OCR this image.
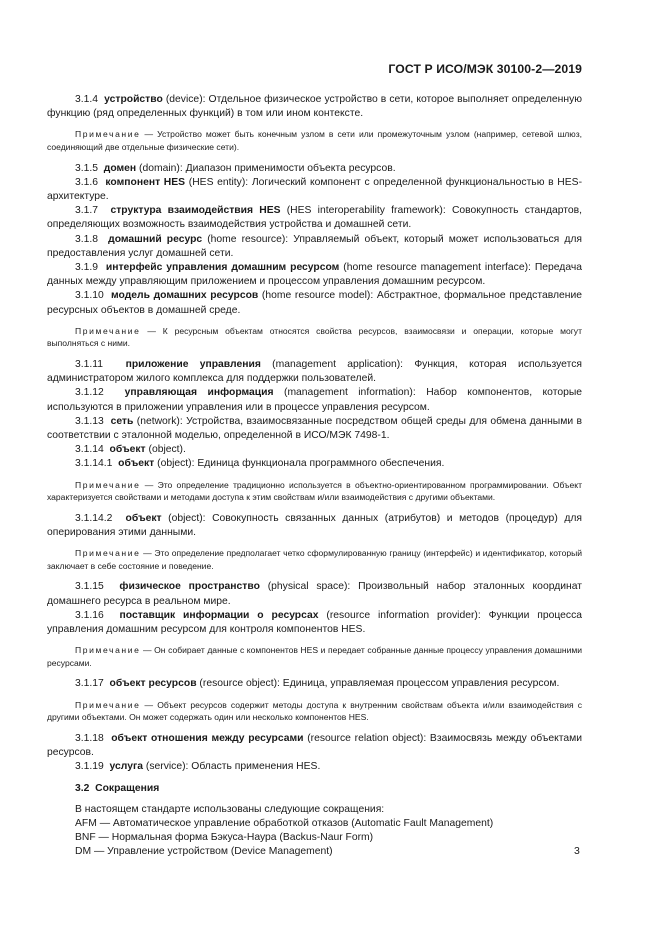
ГОСТ Р ИСО/МЭК 30100-2—2019

3.1.4 устройство (device): Отдельное физическое устройство в сети, которое выполняет определенную функцию (ряд определенных функций) в том или ином контексте.

Примечание — Устройство может быть конечным узлом в сети или промежуточным узлом (например, сетевой шлюз, соединяющий две отдельные физические сети).

3.1.5 домен (domain): Диапазон применимости объекта ресурсов.

3.1.6 компонент HES (HES entity): Логический компонент с определенной функциональностью в HES-архитектуре.

3.1.7 структура взаимодействия HES (HES interoperability framework): Совокупность стандартов, определяющих возможность взаимодействия устройства и домашней сети.

3.1.8 домашний ресурс (home resource): Управляемый объект, который может использоваться для предоставления услуг домашней сети.

3.1.9 интерфейс управления домашним ресурсом (home resource management interface): Передача данных между управляющим приложением и процессом управления домашним ресурсом.

3.1.10 модель домашних ресурсов (home resource model): Абстрактное, формальное представление ресурсных объектов в домашней среде.

Примечание — К ресурсным объектам относятся свойства ресурсов, взаимосвязи и операции, которые могут выполняться с ними.

3.1.11 приложение управления (management application): Функция, которая используется администратором жилого комплекса для поддержки пользователей.

3.1.12 управляющая информация (management information): Набор компонентов, которые используются в приложении управления или в процессе управления ресурсом.

3.1.13 сеть (network): Устройства, взаимосвязанные посредством общей среды для обмена данными в соответствии с эталонной моделью, определенной в ИСО/МЭК 7498-1.

3.1.14 объект (object).

3.1.14.1 объект (object): Единица функционала программного обеспечения.

Примечание — Это определение традиционно используется в объектно-ориентированном программировании. Объект характеризуется свойствами и методами доступа к этим свойствам и/или взаимодействия с другими объектами.

3.1.14.2 объект (object): Совокупность связанных данных (атрибутов) и методов (процедур) для оперирования этими данными.

Примечание — Это определение предполагает четко сформулированную границу (интерфейс) и идентификатор, который заключает в себе состояние и поведение.

3.1.15 физическое пространство (physical space): Произвольный набор эталонных координат домашнего ресурса в реальном мире.

3.1.16 поставщик информации о ресурсах (resource information provider): Функции процесса управления домашним ресурсом для контроля компонентов HES.

Примечание — Он собирает данные с компонентов HES и передает собранные данные процессу управления домашними ресурсами.

3.1.17 объект ресурсов (resource object): Единица, управляемая процессом управления ресурсом.

Примечание — Объект ресурсов содержит методы доступа к внутренним свойствам объекта и/или взаимодействия с другими объектами. Он может содержать один или несколько компонентов HES.

3.1.18 объект отношения между ресурсами (resource relation object): Взаимосвязь между объектами ресурсов.

3.1.19 услуга (service): Область применения HES.

3.2 Сокращения

В настоящем стандарте использованы следующие сокращения:

AFM — Автоматическое управление обработкой отказов (Automatic Fault Management)

BNF — Нормальная форма Бэкуса-Наура (Backus-Naur Form)

DM — Управление устройством (Device Management)	3
